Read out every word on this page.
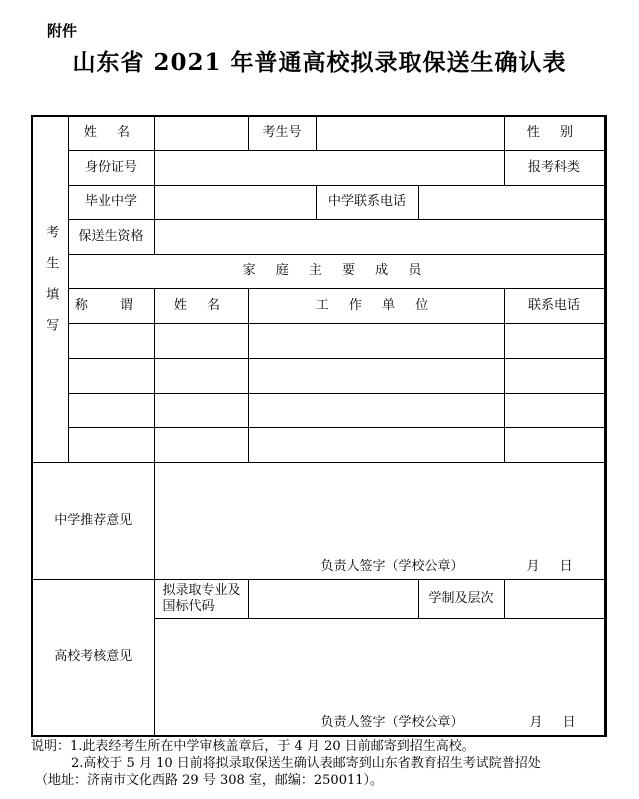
附件
山东省 2021 年普通高校拟录取保送生确认表
考生填写	姓 名		考生号			性 别	
	身份证号					报考科类	
	毕业中学			中学联系电话			
	保送生资格						
	家 庭 主 要 成 员						
	称 谓	姓 名	工 作 单 位			联系电话	

中学推荐意见		负责人签字（学校公章） 月 日					

高校考核意见		拟录取专业及国标代码			学制及层次		

		负责人签字（学校公章） 月 日					
说明：1.此表经考生所在中学审核盖章后，于 4 月 20 日前邮寄到招生高校。
2.高校于 5 月 10 日前将拟录取保送生确认表邮寄到山东省教育招生考试院普招处
（地址：济南市文化西路 29 号 308 室，邮编：250011）。
